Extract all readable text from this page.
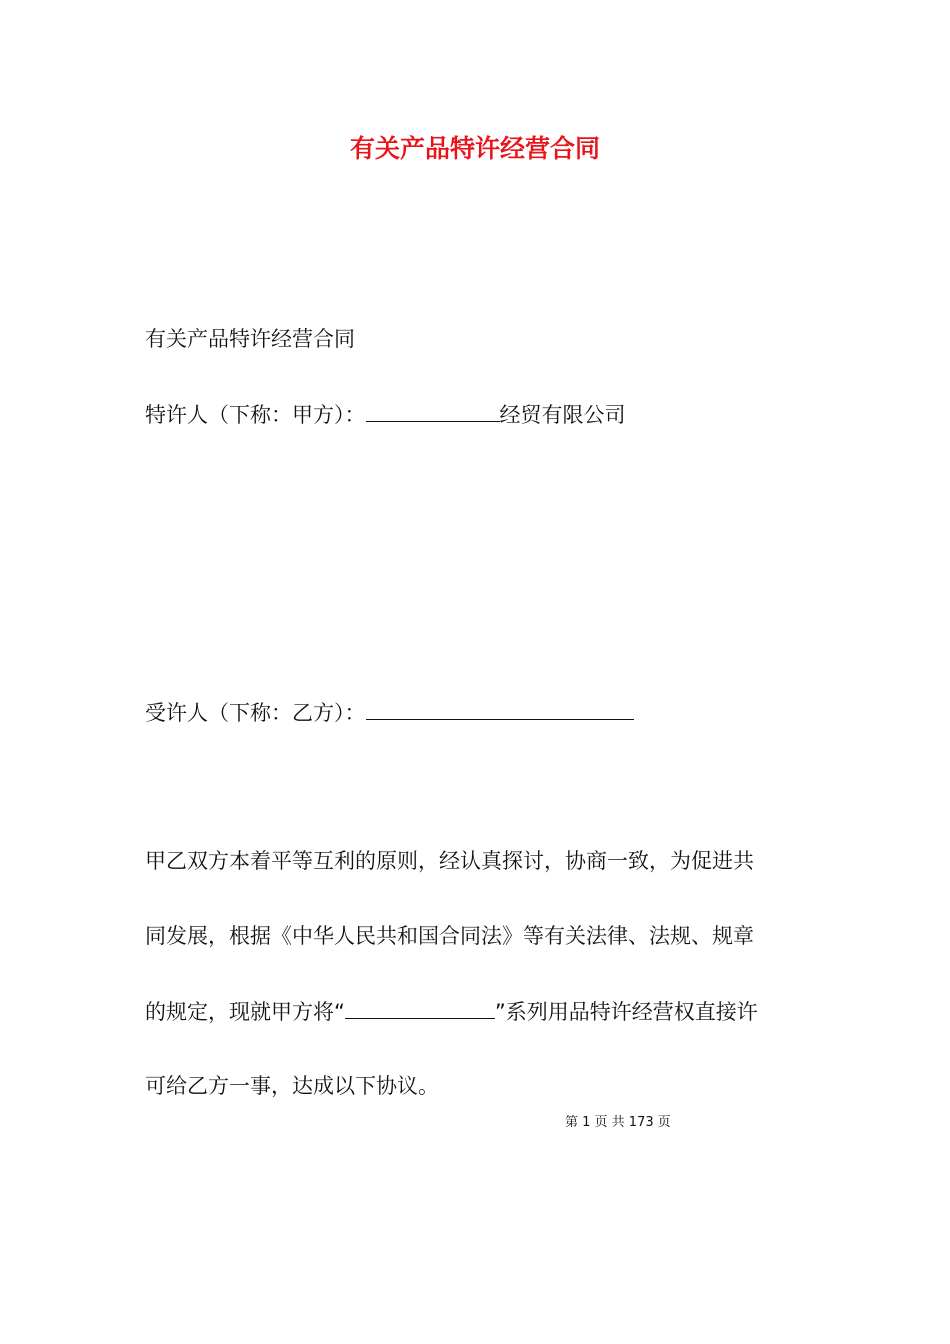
有关产品特许经营合同
有关产品特许经营合同
特许人（下称：甲方）：	经贸有限公司
受许人（下称：乙方）：
甲乙双方本着平等互利的原则，经认真探讨，协商一致，为促进共
同发展，根据《中华人民共和国合同法》等有关法律、法规、规章
的规定，现就甲方将“	”系列用品特许经营权直接许
可给乙方一事，达成以下协议。
第 1 页 共 173 页
